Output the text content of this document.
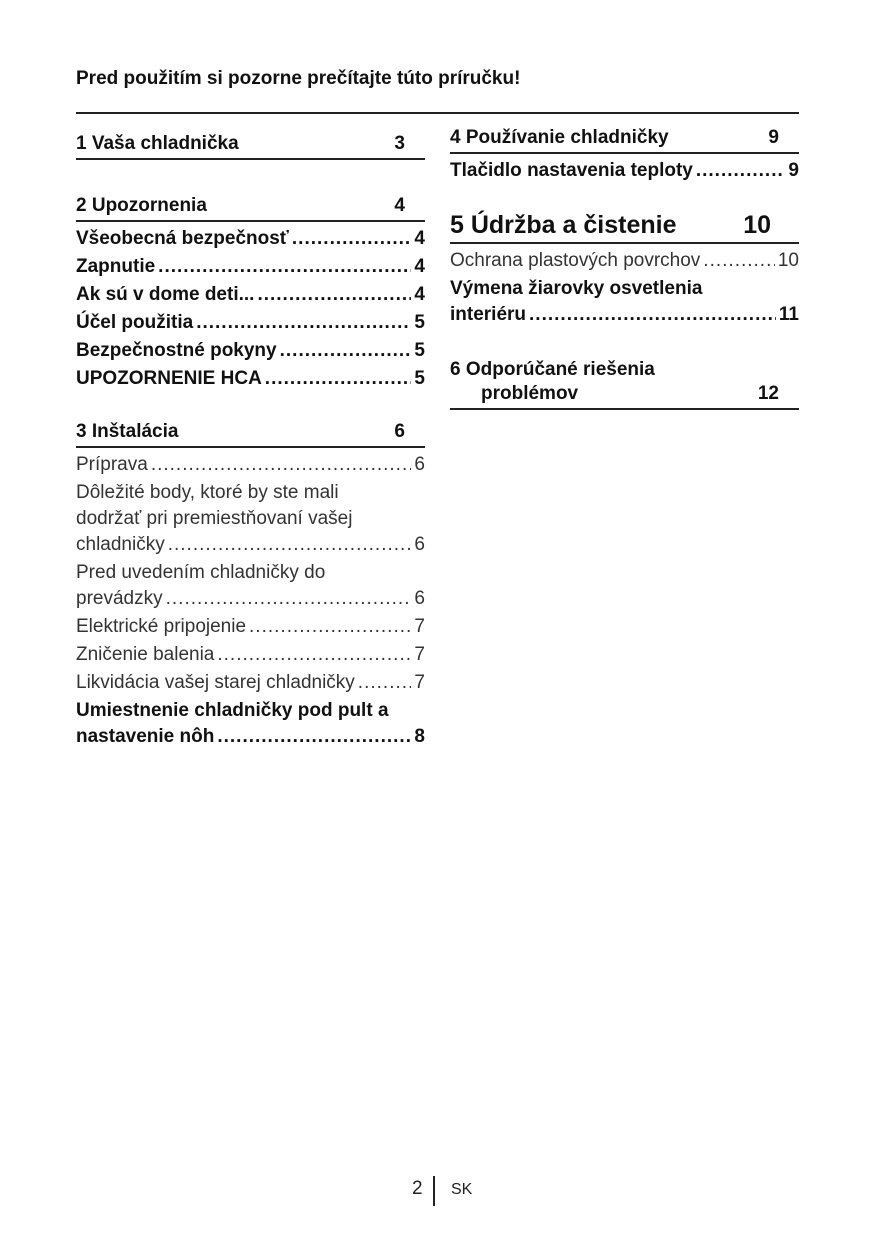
Pred použitím si pozorne prečítajte túto príručku!
1 Vaša chladnička	3
2 Upozornenia	4
Všeobecná bezpečnosť .....	4
Zapnutie .....	4
Ak sú v dome deti... .....	4
Účel použitia .....	5
Bezpečnostné pokyny .....	5
UPOZORNENIE HCA .....	5
3 Inštalácia	6
Príprava .....	6
Dôležité body, ktoré by ste mali
dodržať pri premiestňovaní vašej
chladničky .....	6
Pred uvedením chladničky do
prevádzky .....	6
Elektrické pripojenie .....	7
Zničenie balenia .....	7
Likvidácia vašej starej chladničky .....	7
Umiestnenie chladničky pod pult a
nastavenie nôh .....	8
4 Používanie chladničky	9
Tlačidlo nastavenia teploty .....	9
5 Údržba a čistenie	10
Ochrana plastových povrchov .....	10
Výmena žiarovky osvetlenia
interiéru .....	11
6 Odporúčané riešenia
problémov	12
2 SK
